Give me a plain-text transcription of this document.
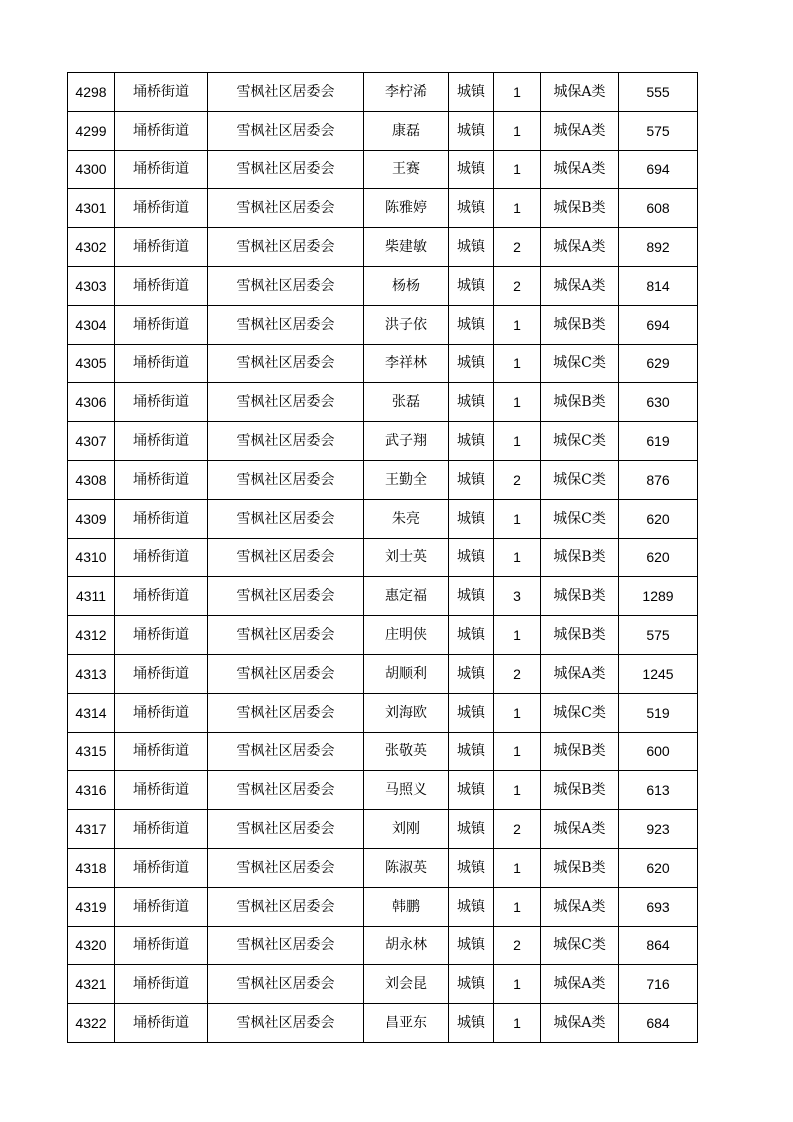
4298	埇桥街道	雪枫社区居委会	李柠浠	城镇	1	城保A类	555
4299	埇桥街道	雪枫社区居委会	康磊	城镇	1	城保A类	575
4300	埇桥街道	雪枫社区居委会	王赛	城镇	1	城保A类	694
4301	埇桥街道	雪枫社区居委会	陈雅婷	城镇	1	城保B类	608
4302	埇桥街道	雪枫社区居委会	柴建敏	城镇	2	城保A类	892
4303	埇桥街道	雪枫社区居委会	杨杨	城镇	2	城保A类	814
4304	埇桥街道	雪枫社区居委会	洪子依	城镇	1	城保B类	694
4305	埇桥街道	雪枫社区居委会	李祥林	城镇	1	城保C类	629
4306	埇桥街道	雪枫社区居委会	张磊	城镇	1	城保B类	630
4307	埇桥街道	雪枫社区居委会	武子翔	城镇	1	城保C类	619
4308	埇桥街道	雪枫社区居委会	王勤全	城镇	2	城保C类	876
4309	埇桥街道	雪枫社区居委会	朱亮	城镇	1	城保C类	620
4310	埇桥街道	雪枫社区居委会	刘士英	城镇	1	城保B类	620
4311	埇桥街道	雪枫社区居委会	惠定福	城镇	3	城保B类	1289
4312	埇桥街道	雪枫社区居委会	庄明侠	城镇	1	城保B类	575
4313	埇桥街道	雪枫社区居委会	胡顺利	城镇	2	城保A类	1245
4314	埇桥街道	雪枫社区居委会	刘海欧	城镇	1	城保C类	519
4315	埇桥街道	雪枫社区居委会	张敬英	城镇	1	城保B类	600
4316	埇桥街道	雪枫社区居委会	马照义	城镇	1	城保B类	613
4317	埇桥街道	雪枫社区居委会	刘刚	城镇	2	城保A类	923
4318	埇桥街道	雪枫社区居委会	陈淑英	城镇	1	城保B类	620
4319	埇桥街道	雪枫社区居委会	韩鹏	城镇	1	城保A类	693
4320	埇桥街道	雪枫社区居委会	胡永林	城镇	2	城保C类	864
4321	埇桥街道	雪枫社区居委会	刘会昆	城镇	1	城保A类	716
4322	埇桥街道	雪枫社区居委会	昌亚东	城镇	1	城保A类	684
